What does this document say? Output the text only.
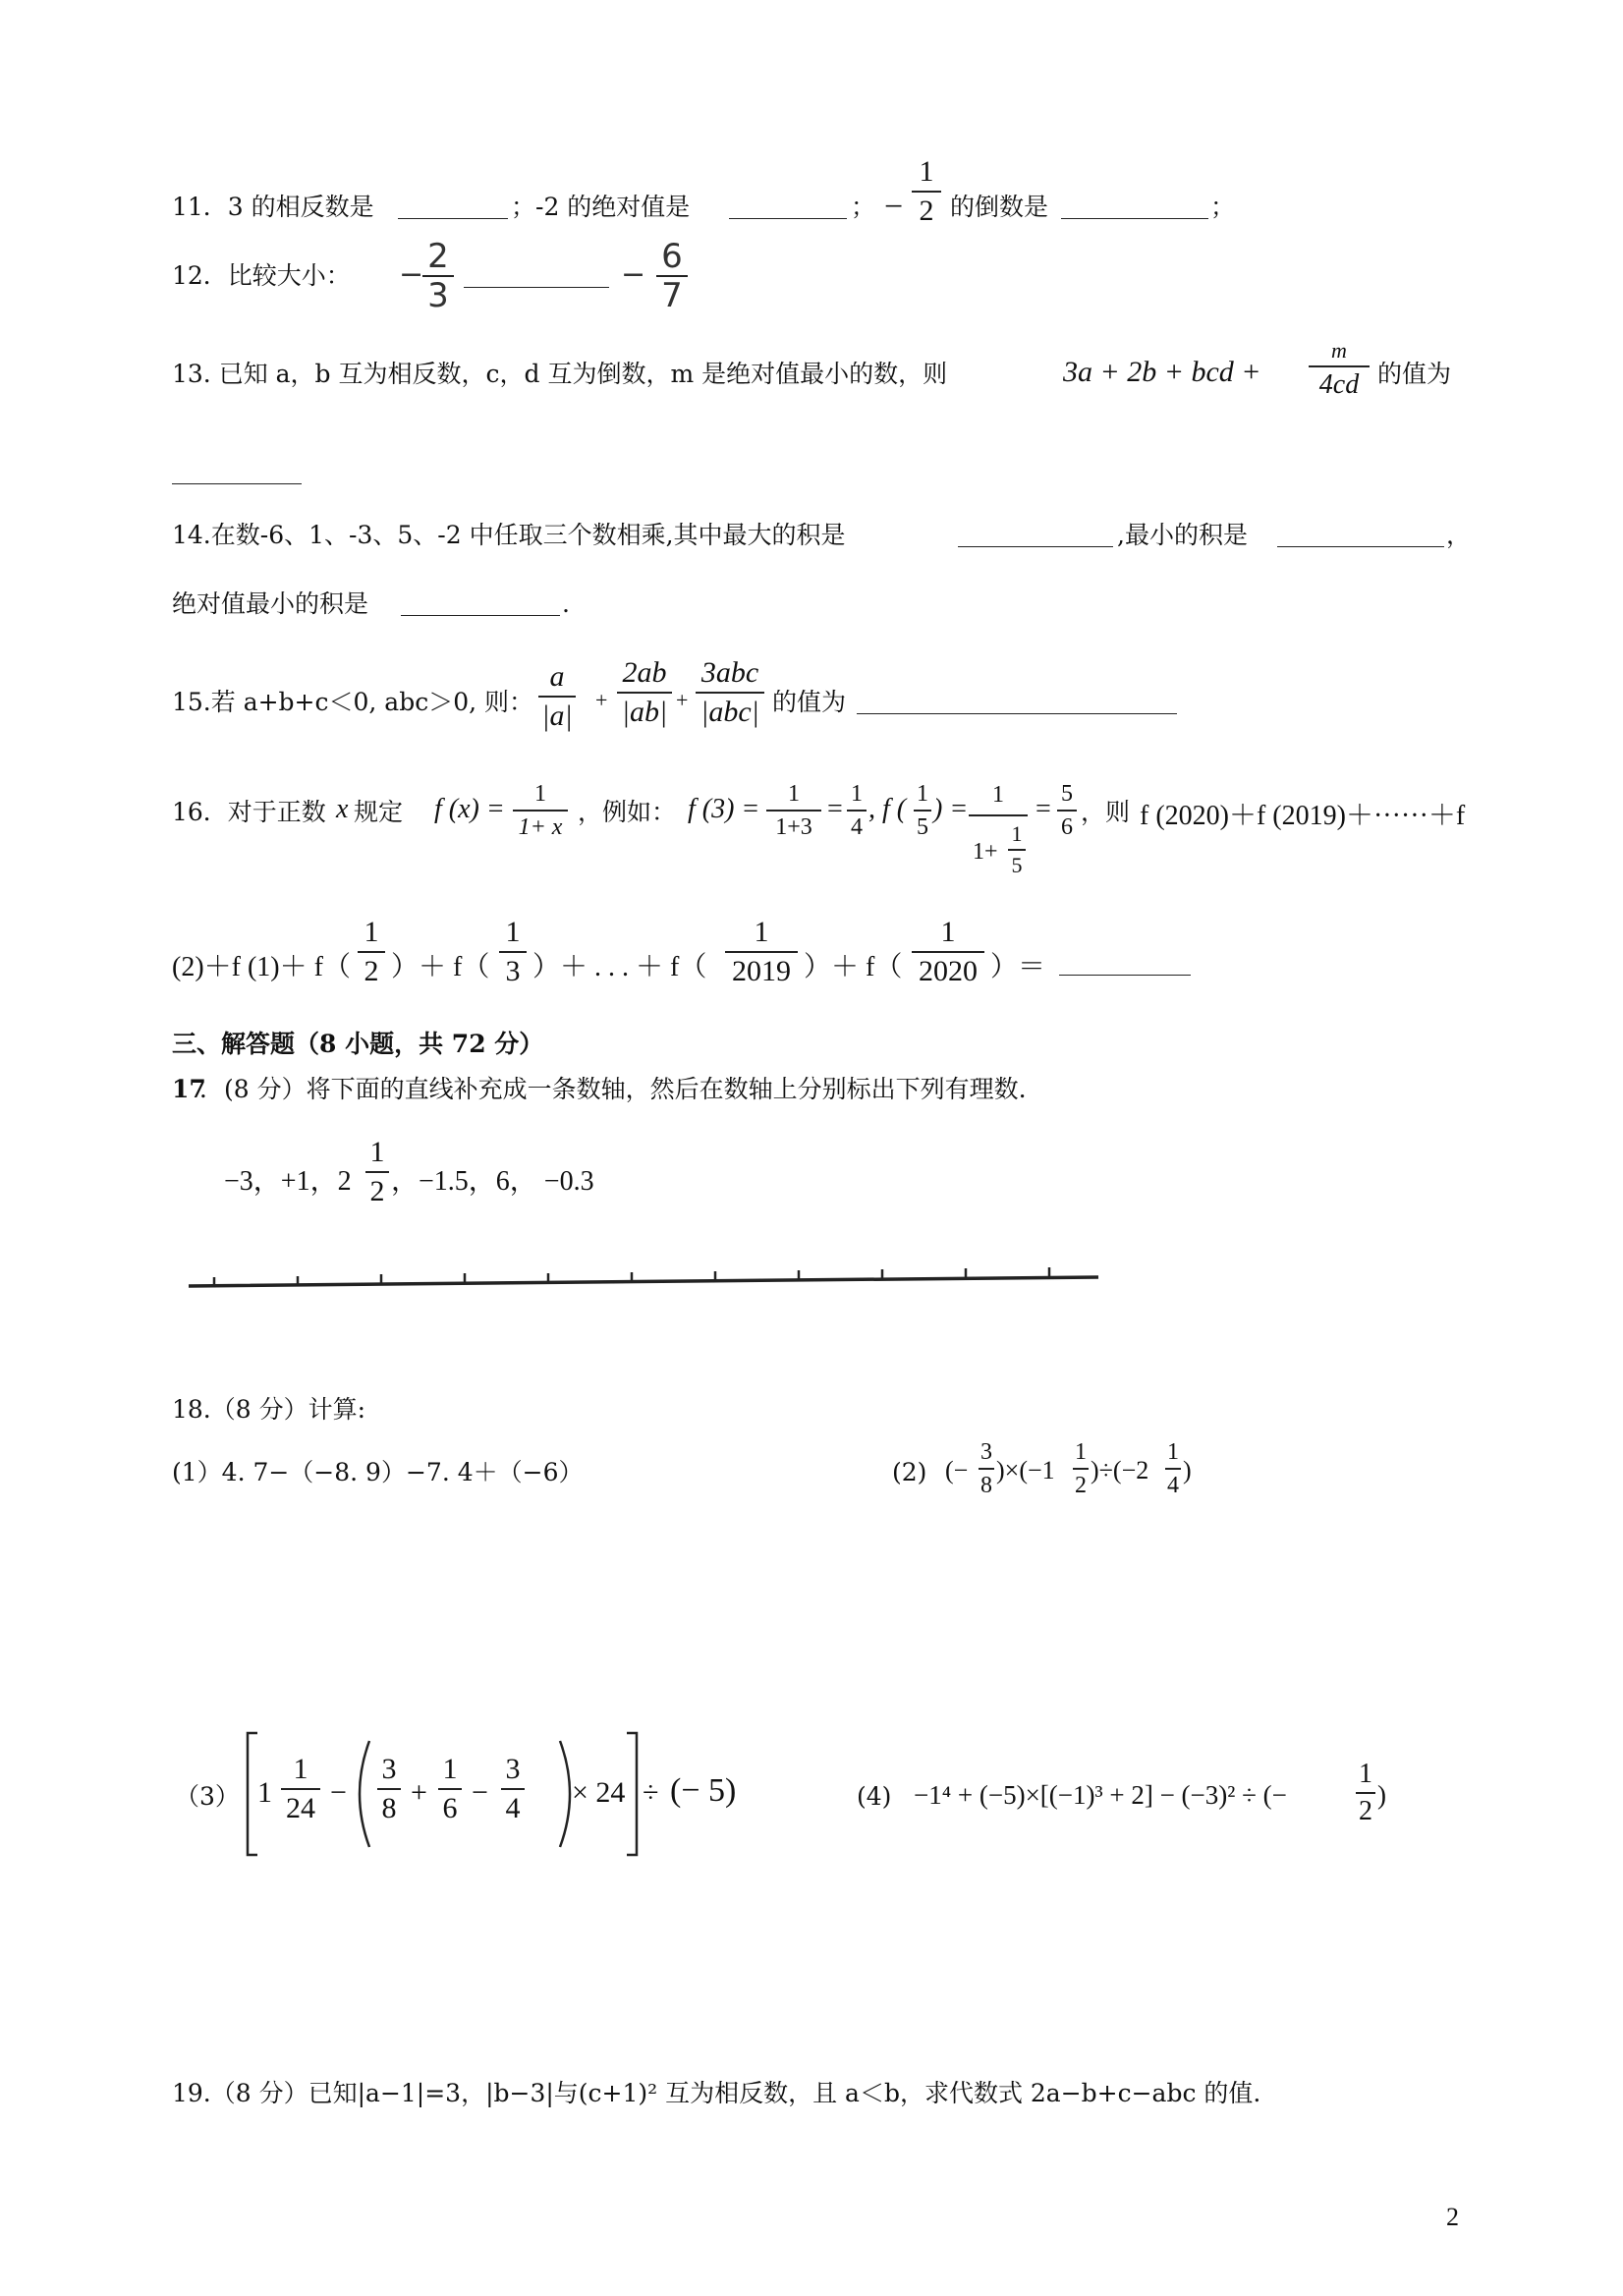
11．3 的相反数是	；-2 的绝对值是	； −
1
2 的倒数是	；
12．比较大小： − 2
3
− 6
7
13. 已知 a，b 互为相反数，c，d 互为倒数，m 是绝对值最小的数，则	3a + 2b + bcd +
m
4cd 的值为
14.在数-6、1、-3、5、-2 中任取三个数相乘,其中最大的积是	,最小的积是	，
绝对值最小的积是	.
15.若 a+b+c＜0, abc＞0, 则：
a
|a| +
2ab
|ab| +
3abc
|abc| 的值为
16．对于正数 x 规定 f (x) =	1
1+ x
，例如： f (3) =	1
1+3
= 1
4
, f ( 1
5
) = 1
1+
1
5
= 5
6
，则 f (2020)＋f (2019)＋······＋f
(2)＋f (1)＋ f（
1
2 ）＋ f（
1
3 ）＋ . . . ＋ f（
1
2019 ）＋ f（
1
2020 ）＝
三、解答题（8 小题，共 72 分）
17
．(8 分）将下面的直线补充成一条数轴，然后在数轴上分别标出下列有理数.
−3，+1，2
1
2 ，−1.5，6， −0.3
18.（8 分）计算:
(1）4. 7−（−8. 9）−7. 4＋（−6）	(2) (−
3
8
)×(−1
1
2
)÷(−2
1
4
)
（3） 1
1
24 −
3
8 +
1
6 −
3
4 × 24 ÷ (− 5)	(4) −1⁴ + (−5)×[(−1)³ + 2] − (−3)² ÷ (−
1
2
)
19.（8 分）已知|a−1|=3，|b−3|与(c+1)² 互为相反数，且 a＜b，求代数式 2a−b+c−abc 的值.
2
